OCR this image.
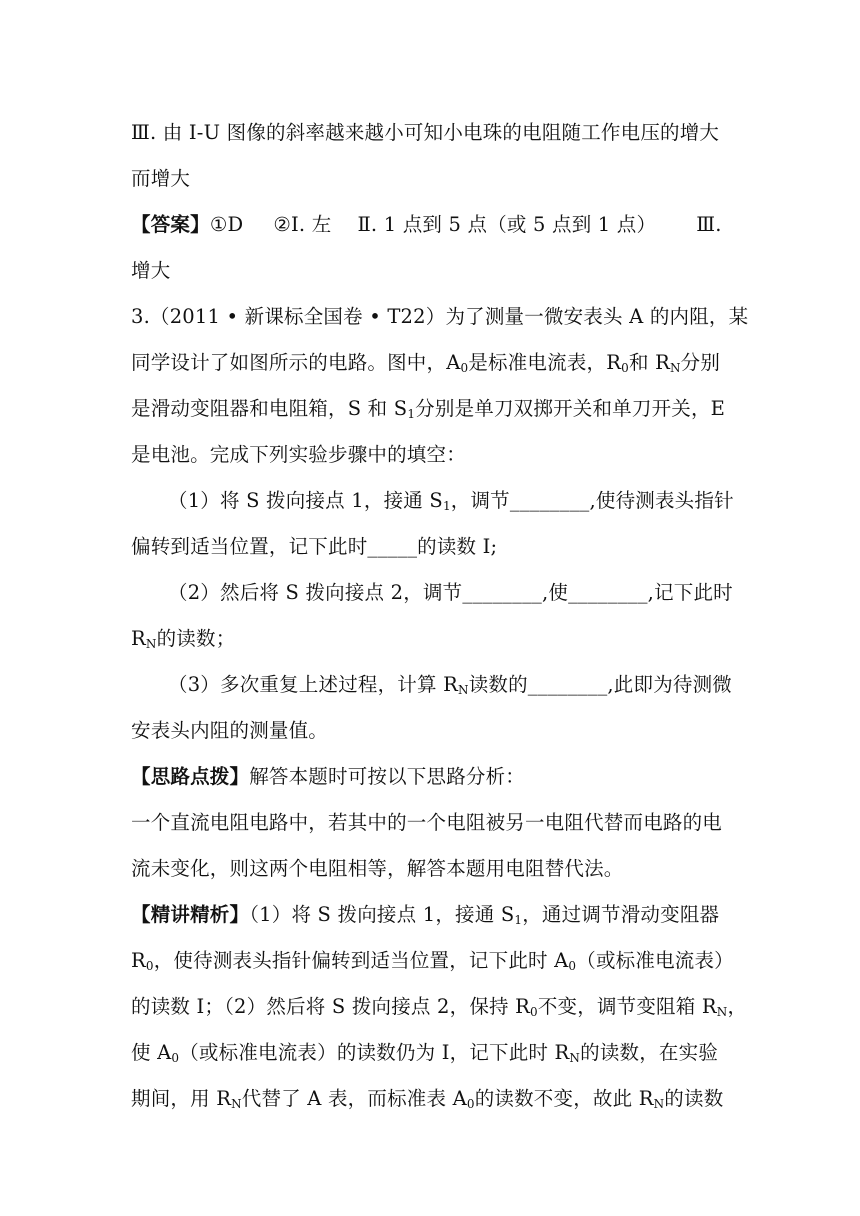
Ⅲ. 由 I-U 图像的斜率越来越小可知小电珠的电阻随工作电压的增大
而增大
【答案】①D ②Ⅰ. 左 Ⅱ. 1 点到 5 点（或 5 点到 1 点） Ⅲ.
增大
3.（2011 • 新课标全国卷 • T22）为了测量一微安表头 A 的内阻，某
同学设计了如图所示的电路。图中，$A_0$是标准电流表，$R_0$和 $R_N$分别
是滑动变阻器和电阻箱，S 和 $S_1$分别是单刀双掷开关和单刀开关，E
是电池。完成下列实验步骤中的填空：
（1）将 S 拨向接点 1，接通 $S_1$，调节________,使待测表头指针
偏转到适当位置，记下此时_____的读数 I;
（2）然后将 S 拨向接点 2，调节________,使________,记下此时
$R_N$的读数；
（3）多次重复上述过程，计算 $R_N$读数的________,此即为待测微
安表头内阻的测量值。
【思路点拨】解答本题时可按以下思路分析：
一个直流电阻电路中，若其中的一个电阻被另一电阻代替而电路的电
流未变化，则这两个电阻相等，解答本题用电阻替代法。
【精讲精析】（1）将 S 拨向接点 1，接通 $S_1$，通过调节滑动变阻器
$R_0$，使待测表头指针偏转到适当位置，记下此时 $A_0$（或标准电流表）
的读数 I；（2）然后将 S 拨向接点 2，保持 $R_0$不变，调节变阻箱 $R_N$，
使 $A_0$（或标准电流表）的读数仍为 I，记下此时 $R_N$的读数，在实验
期间，用 $R_N$代替了 A 表，而标准表 $A_0$的读数不变，故此 $R_N$的读数
